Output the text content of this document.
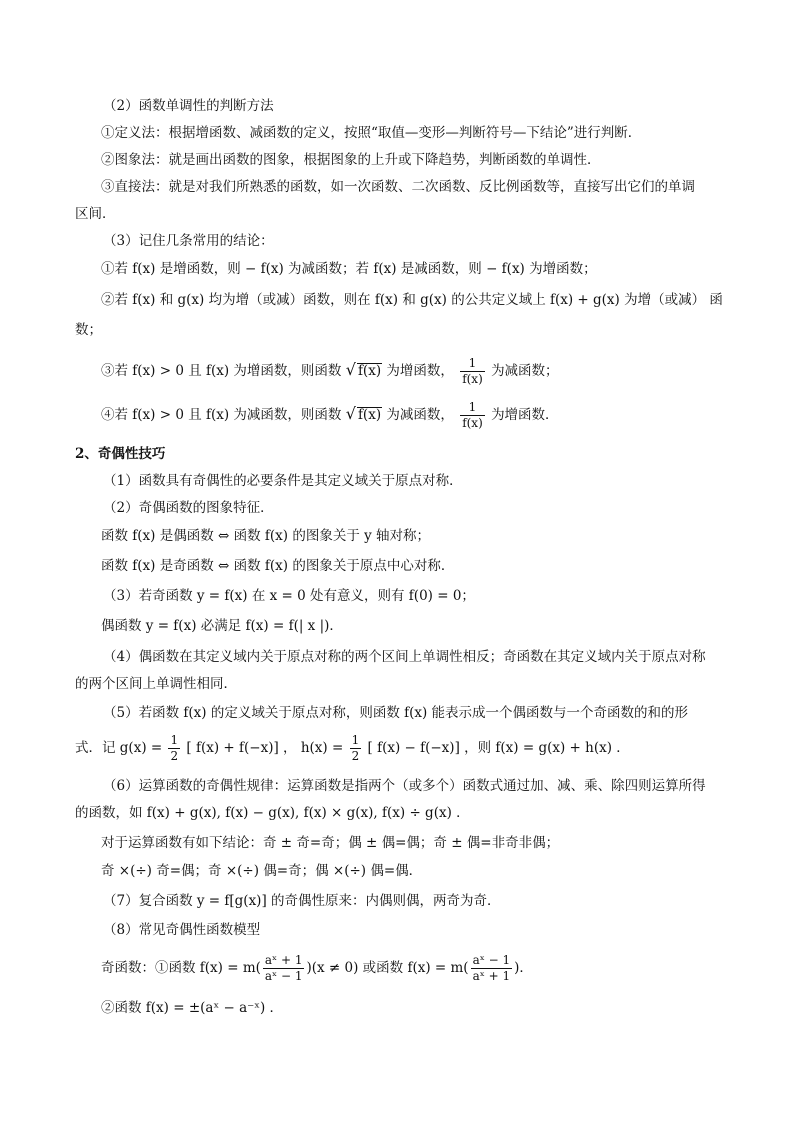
（2）函数单调性的判断方法
①定义法：根据增函数、减函数的定义，按照“取值—变形—判断符号—下结论”进行判断．
②图象法：就是画出函数的图象，根据图象的上升或下降趋势，判断函数的单调性．
③直接法：就是对我们所熟悉的函数，如一次函数、二次函数、反比例函数等，直接写出它们的单调
区间．
（3）记住几条常用的结论：
①若 f(x) 是增函数，则 − f(x) 为减函数；若 f(x) 是减函数，则 − f(x) 为增函数；
②若 f(x) 和 g(x) 均为增（或减）函数，则在 f(x) 和 g(x) 的公共定义域上 f(x) + g(x) 为增（或减） 函
数；
③若 f(x) > 0 且 f(x) 为增函数，则函数 √ f(x) 为增函数， $\frac{1}{f(x)}$ 为减函数；
④若 f(x) > 0 且 f(x) 为减函数，则函数 √ f(x) 为减函数， $\frac{1}{f(x)}$ 为增函数．
2、奇偶性技巧
（1）函数具有奇偶性的必要条件是其定义域关于原点对称．
（2）奇偶函数的图象特征．
函数 f(x) 是偶函数 ⇔ 函数 f(x) 的图象关于 y 轴对称；
函数 f(x) 是奇函数 ⇔ 函数 f(x) 的图象关于原点中心对称．
（3）若奇函数 y = f(x) 在 x = 0 处有意义，则有 f(0) = 0；
偶函数 y = f(x) 必满足 f(x) = f(| x |)．
（4）偶函数在其定义域内关于原点对称的两个区间上单调性相反；奇函数在其定义域内关于原点对称
的两个区间上单调性相同．
（5）若函数 f(x) 的定义域关于原点对称，则函数 f(x) 能表示成一个偶函数与一个奇函数的和的形
式．记 $g(x) = \frac{1}{2}$ [ f(x) + f(−x)] ， $h(x) = \frac{1}{2}$ [ f(x) − f(−x)] ，则 f(x) = g(x) + h(x) ．
（6）运算函数的奇偶性规律：运算函数是指两个（或多个）函数式通过加、减、乘、除四则运算所得
的函数，如 f(x) + g(x), f(x) − g(x), f(x) × g(x), f(x) ÷ g(x) ．
对于运算函数有如下结论：奇 ± 奇=奇；偶 ± 偶=偶；奇 ± 偶=非奇非偶；
奇 ×(÷) 奇=偶；奇 ×(÷) 偶=奇；偶 ×(÷) 偶=偶．
（7）复合函数 y = f[g(x)] 的奇偶性原来：内偶则偶，两奇为奇．
（8）常见奇偶性函数模型
奇函数：①函数 $f(x) = m( \frac{\text{aˣ + 1}}{\text{aˣ − 1}} )(x \ne 0)$ 或函数 $f(x) = m( \frac{\text{aˣ − 1}}{\text{aˣ + 1}}$ )．
②函数 f(x) = ±(aˣ − a⁻ˣ) ．
